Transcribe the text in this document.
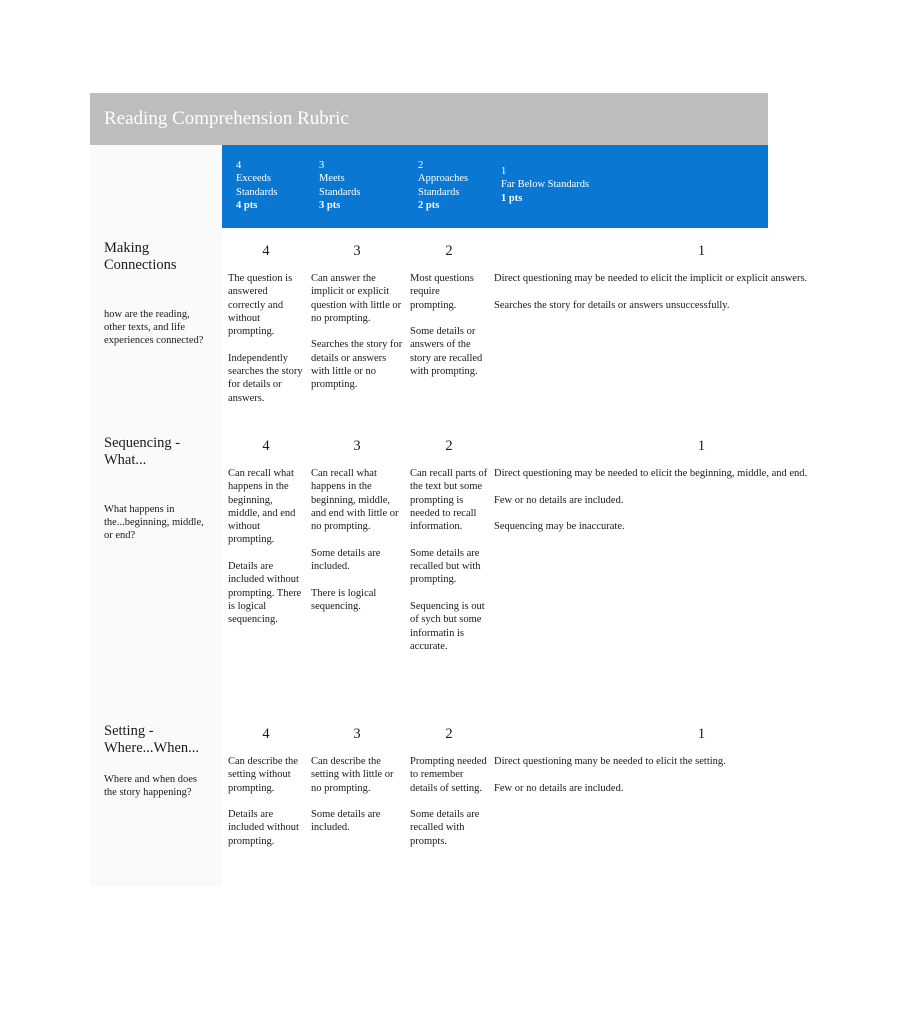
Reading Comprehension Rubric
4
Exceeds
Standards
4 pts
3
Meets
Standards
3 pts
2
Approaches
Standards
2 pts
1
Far Below Standards
1 pts
Making Connections
how are the reading, other texts, and life experiences connected?
4
The question is answered correctly and without prompting.

Independently searches the story for details or answers.
3
Can answer the implicit or explicit question with little or no prompting.

Searches the story for details or answers with little or no prompting.
2
Most questions require prompting.

Some details or answers of the story are recalled with prompting.
1
Direct questioning may be needed to elicit the implicit or explicit answers.

Searches the story for details or answers unsuccessfully.
Sequencing - What...
What happens in the...beginning, middle, or end?
4
Can recall what happens in the beginning, middle, and end without prompting.

Details are included without prompting. There is logical sequencing.
3
Can recall what happens in the beginning, middle, and end with little or no prompting.

Some details are included.

There is logical sequencing.
2
Can recall parts of the text but some prompting is needed to recall information.

Some details are recalled but with prompting.

Sequencing is out of sych but some informatin is accurate.
1
Direct questioning may be needed to elicit the beginning, middle, and end.

Few or no details are included.

Sequencing may be inaccurate.
Setting - Where...When...
Where and when does the story happening?
4
Can describe the setting without prompting.

Details are included without prompting.
3
Can describe the setting with little or no prompting.

Some details are included.
2
Prompting needed to remember details of setting.

Some details are recalled with prompts.
1
Direct questioning many be needed to elicit the setting.

Few or no details are included.
